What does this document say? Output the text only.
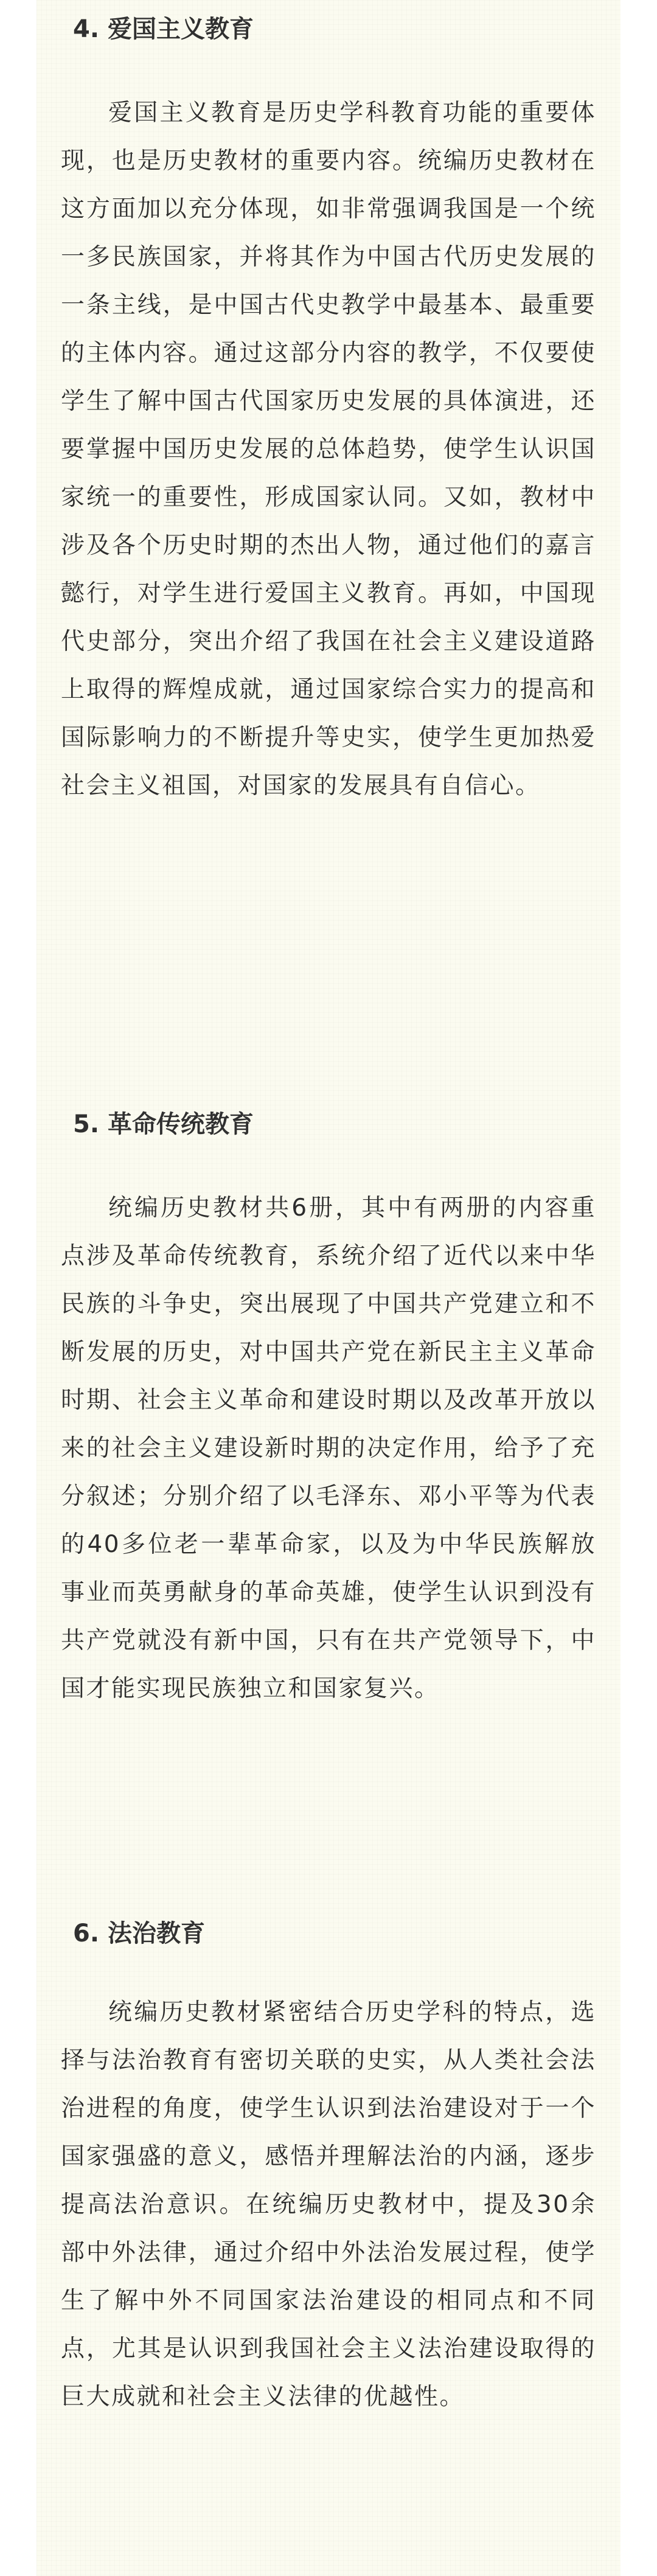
4. 爱国主义教育

爱国主义教育是历史学科教育功能的重要体现，也是历史教材的重要内容。统编历史教材在这方面加以充分体现，如非常强调我国是一个统一多民族国家，并将其作为中国古代历史发展的一条主线，是中国古代史教学中最基本、最重要的主体内容。通过这部分内容的教学，不仅要使学生了解中国古代国家历史发展的具体演进，还要掌握中国历史发展的总体趋势，使学生认识国家统一的重要性，形成国家认同。又如，教材中涉及各个历史时期的杰出人物，通过他们的嘉言懿行，对学生进行爱国主义教育。再如，中国现代史部分，突出介绍了我国在社会主义建设道路上取得的辉煌成就，通过国家综合实力的提高和国际影响力的不断提升等史实，使学生更加热爱社会主义祖国，对国家的发展具有自信心。

5. 革命传统教育

统编历史教材共6册，其中有两册的内容重点涉及革命传统教育，系统介绍了近代以来中华民族的斗争史，突出展现了中国共产党建立和不断发展的历史，对中国共产党在新民主主义革命时期、社会主义革命和建设时期以及改革开放以来的社会主义建设新时期的决定作用，给予了充分叙述；分别介绍了以毛泽东、邓小平等为代表的40多位老一辈革命家，以及为中华民族解放事业而英勇献身的革命英雄，使学生认识到没有共产党就没有新中国，只有在共产党领导下，中国才能实现民族独立和国家复兴。

6. 法治教育

统编历史教材紧密结合历史学科的特点，选择与法治教育有密切关联的史实，从人类社会法治进程的角度，使学生认识到法治建设对于一个国家强盛的意义，感悟并理解法治的内涵，逐步提高法治意识。在统编历史教材中，提及30余部中外法律，通过介绍中外法治发展过程，使学生了解中外不同国家法治建设的相同点和不同点，尤其是认识到我国社会主义法治建设取得的巨大成就和社会主义法律的优越性。
